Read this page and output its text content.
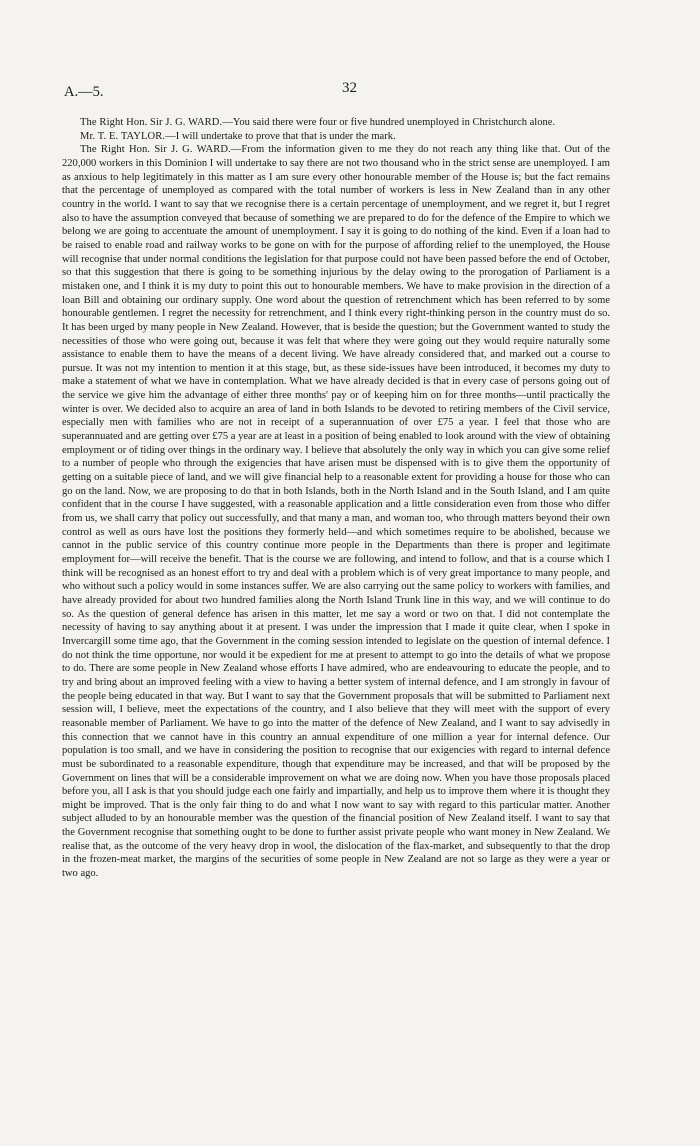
A.—5.	32

The Right Hon. Sir J. G. WARD.—You said there were four or five hundred unemployed in Christchurch alone.

Mr. T. E. TAYLOR.—I will undertake to prove that that is under the mark.

The Right Hon. Sir J. G. WARD.—From the information given to me they do not reach any thing like that. Out of the 220,000 workers in this Dominion I will undertake to say there are not two thousand who in the strict sense are unemployed. I am as anxious to help legitimately in this matter as I am sure every other honourable member of the House is; but the fact remains that the percentage of unemployed as compared with the total number of workers is less in New Zealand than in any other country in the world. I want to say that we recognise there is a certain percentage of unemployment, and we regret it, but I regret also to have the assumption conveyed that because of something we are prepared to do for the defence of the Empire to which we belong we are going to accentuate the amount of unemployment. I say it is going to do nothing of the kind. Even if a loan had to be raised to enable road and railway works to be gone on with for the purpose of affording relief to the unemployed, the House will recognise that under normal conditions the legislation for that purpose could not have been passed before the end of October, so that this suggestion that there is going to be something injurious by the delay owing to the prorogation of Parliament is a mistaken one, and I think it is my duty to point this out to honourable members. We have to make provision in the direction of a loan Bill and obtaining our ordinary supply. One word about the question of retrenchment which has been referred to by some honourable gentlemen. I regret the necessity for retrenchment, and I think every right-thinking person in the country must do so. It has been urged by many people in New Zealand. However, that is beside the question; but the Government wanted to study the necessities of those who were going out, because it was felt that where they were going out they would require naturally some assistance to enable them to have the means of a decent living. We have already considered that, and marked out a course to pursue. It was not my intention to mention it at this stage, but, as these side-issues have been introduced, it becomes my duty to make a statement of what we have in contemplation. What we have already decided is that in every case of persons going out of the service we give him the advantage of either three months' pay or of keeping him on for three months—until practically the winter is over. We decided also to acquire an area of land in both Islands to be devoted to retiring members of the Civil service, especially men with families who are not in receipt of a superannuation of over £75 a year. I feel that those who are superannuated and are getting over £75 a year are at least in a position of being enabled to look around with the view of obtaining employment or of tiding over things in the ordinary way. I believe that absolutely the only way in which you can give some relief to a number of people who through the exigencies that have arisen must be dispensed with is to give them the opportunity of getting on a suitable piece of land, and we will give financial help to a reasonable extent for providing a house for those who can go on the land. Now, we are proposing to do that in both Islands, both in the North Island and in the South Island, and I am quite confident that in the course I have suggested, with a reasonable application and a little consideration even from those who differ from us, we shall carry that policy out successfully, and that many a man, and woman too, who through matters beyond their own control as well as ours have lost the positions they formerly held—and which sometimes require to be abolished, because we cannot in the public service of this country continue more people in the Departments than there is proper and legitimate employment for—will receive the benefit. That is the course we are following, and intend to follow, and that is a course which I think will be recognised as an honest effort to try and deal with a problem which is of very great importance to many people, and who without such a policy would in some instances suffer. We are also carrying out the same policy to workers with families, and have already provided for about two hundred families along the North Island Trunk line in this way, and we will continue to do so. As the question of general defence has arisen in this matter, let me say a word or two on that. I did not contemplate the necessity of having to say anything about it at present. I was under the impression that I made it quite clear, when I spoke in Invercargill some time ago, that the Government in the coming session intended to legislate on the question of internal defence. I do not think the time opportune, nor would it be expedient for me at present to attempt to go into the details of what we propose to do. There are some people in New Zealand whose efforts I have admired, who are endeavouring to educate the people, and to try and bring about an improved feeling with a view to having a better system of internal defence, and I am strongly in favour of the people being educated in that way. But I want to say that the Government proposals that will be submitted to Parliament next session will, I believe, meet the expectations of the country, and I also believe that they will meet with the support of every reasonable member of Parliament. We have to go into the matter of the defence of New Zealand, and I want to say advisedly in this connection that we cannot have in this country an annual expenditure of one million a year for internal defence. Our population is too small, and we have in considering the position to recognise that our exigencies with regard to internal defence must be subordinated to a reasonable expenditure, though that expenditure may be increased, and that will be proposed by the Government on lines that will be a considerable improvement on what we are doing now. When you have those proposals placed before you, all I ask is that you should judge each one fairly and impartially, and help us to improve them where it is thought they might be improved. That is the only fair thing to do and what I now want to say with regard to this particular matter. Another subject alluded to by an honourable member was the question of the financial position of New Zealand itself. I want to say that the Government recognise that something ought to be done to further assist private people who want money in New Zealand. We realise that, as the outcome of the very heavy drop in wool, the dislocation of the flax-market, and subsequently to that the drop in the frozen-meat market, the margins of the securities of some people in New Zealand are not so large as they were a year or two ago.
